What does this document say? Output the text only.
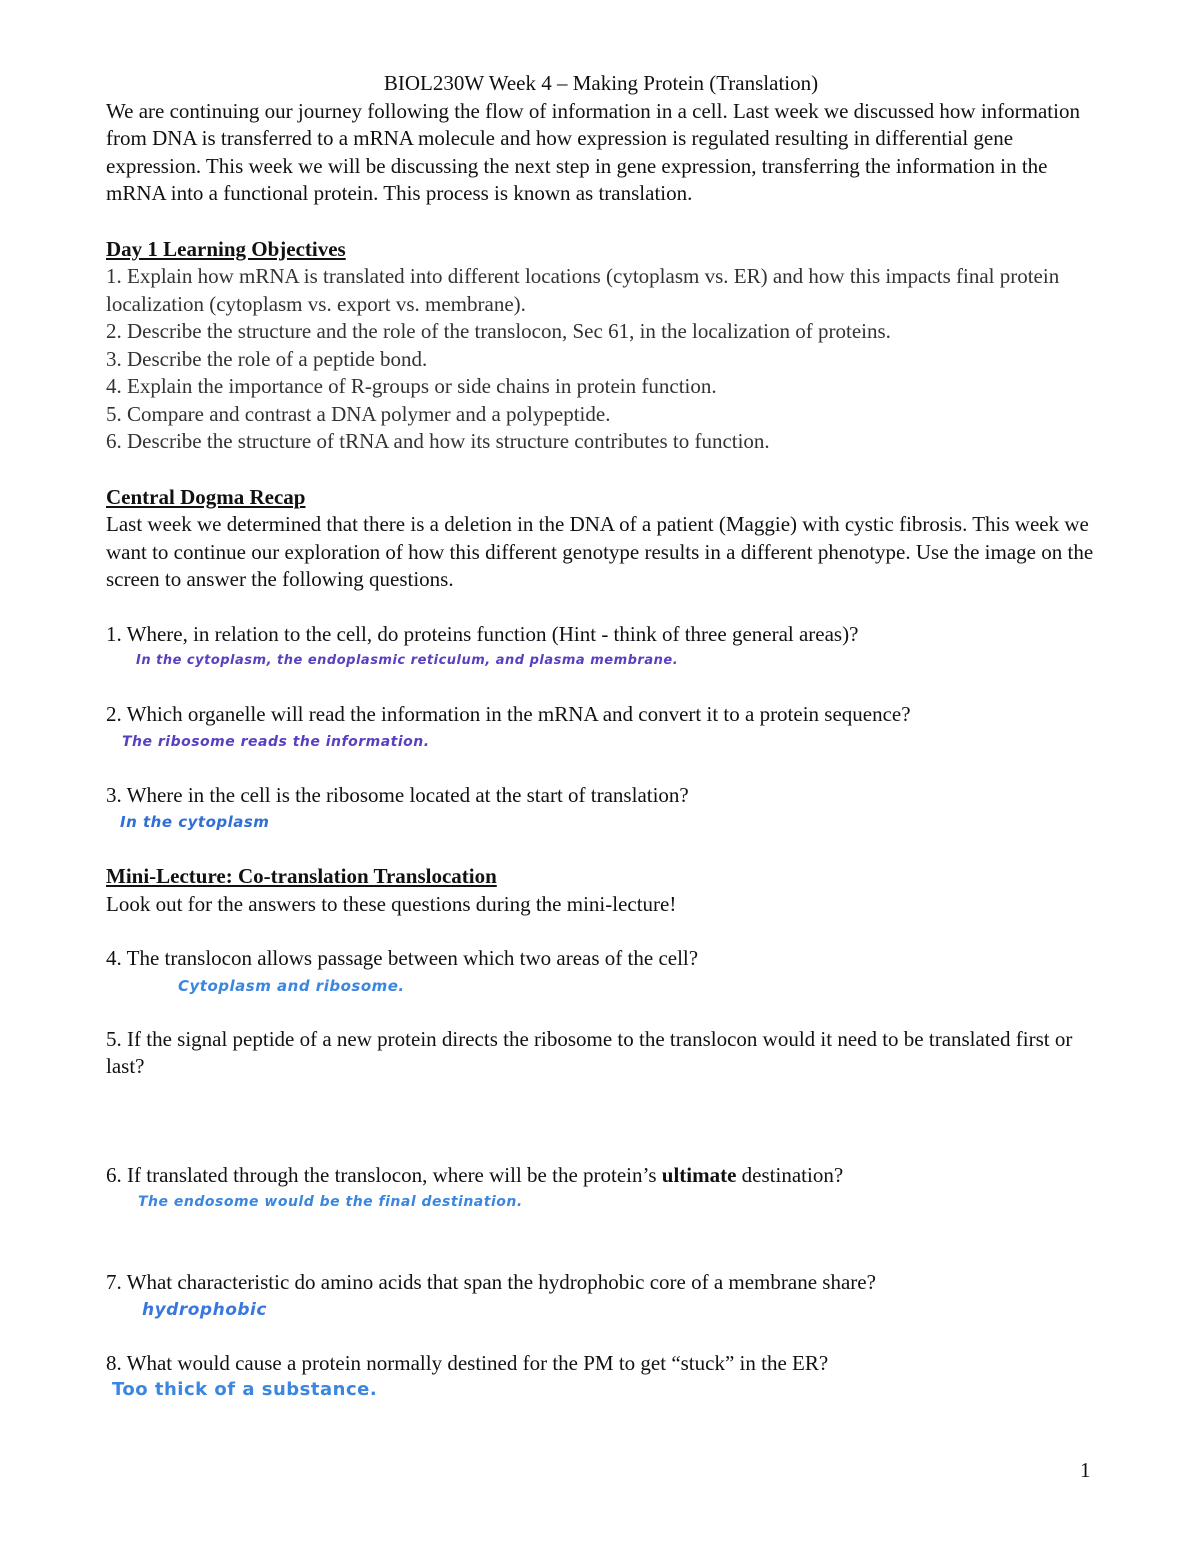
BIOL230W Week 4 – Making Protein (Translation)

We are continuing our journey following the flow of information in a cell. Last week we discussed how information from DNA is transferred to a mRNA molecule and how expression is regulated resulting in differential gene expression. This week we will be discussing the next step in gene expression, transferring the information in the mRNA into a functional protein. This process is known as translation.

Day 1 Learning Objectives

1. Explain how mRNA is translated into different locations (cytoplasm vs. ER) and how this impacts final protein localization (cytoplasm vs. export vs. membrane).
2. Describe the structure and the role of the translocon, Sec 61, in the localization of proteins.
3. Describe the role of a peptide bond.
4. Explain the importance of R-groups or side chains in protein function.
5. Compare and contrast a DNA polymer and a polypeptide.
6. Describe the structure of tRNA and how its structure contributes to function.

Central Dogma Recap

Last week we determined that there is a deletion in the DNA of a patient (Maggie) with cystic fibrosis. This week we want to continue our exploration of how this different genotype results in a different phenotype. Use the image on the screen to answer the following questions.

1. Where, in relation to the cell, do proteins function (Hint - think of three general areas)?

In the cytoplasm, the endoplasmic reticulum, and plasma membrane.

2. Which organelle will read the information in the mRNA and convert it to a protein sequence?

The ribosome reads the information.

3. Where in the cell is the ribosome located at the start of translation?

In the cytoplasm

Mini-Lecture: Co-translation Translocation

Look out for the answers to these questions during the mini-lecture!

4. The translocon allows passage between which two areas of the cell?

Cytoplasm and ribosome.

5. If the signal peptide of a new protein directs the ribosome to the translocon would it need to be translated first or last?

6. If translated through the translocon, where will be the protein’s ultimate destination?

The endosome would be the final destination.

7. What characteristic do amino acids that span the hydrophobic core of a membrane share?

hydrophobic

8. What would cause a protein normally destined for the PM to get “stuck” in the ER?

Too thick of a substance.
1
